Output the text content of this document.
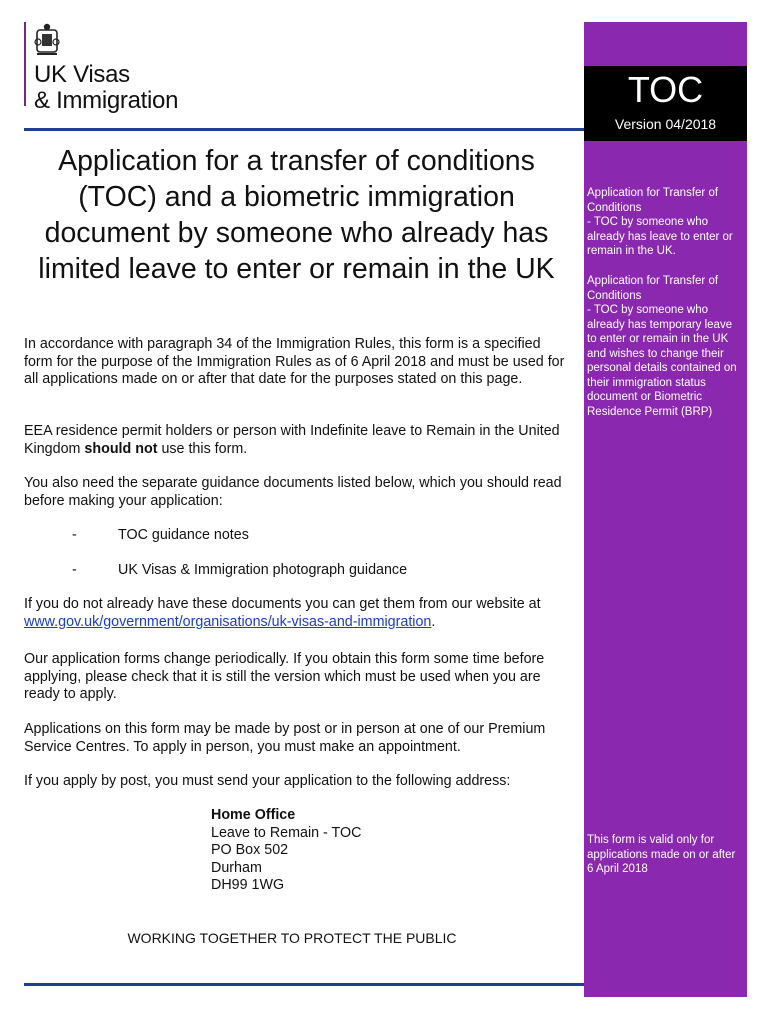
UK Visas
& Immigration	TOC
Version 04/2018

Application for Transfer of Conditions
- TOC by someone who already has leave to enter or remain in the UK.

Application for Transfer of Conditions
- TOC by someone who already has temporary leave to enter or remain in the UK and wishes to change their personal details contained on their immigration status document or Biometric Residence Permit (BRP)

This form is valid only for applications made on or after 6 April 2018

Application for a transfer of conditions (TOC) and a biometric immigration document by someone who already has limited leave to enter or remain in the UK

In accordance with paragraph 34 of the Immigration Rules, this form is a specified form for the purpose of the Immigration Rules as of 6 April 2018 and must be used for all applications made on or after that date for the purposes stated on this page.

EEA residence permit holders or person with Indefinite leave to Remain in the United Kingdom should not use this form.

You also need the separate guidance documents listed below, which you should read before making your application:

-	TOC guidance notes
-	UK Visas & Immigration photograph guidance

If you do not already have these documents you can get them from our website at www.gov.uk/government/organisations/uk-visas-and-immigration.

Our application forms change periodically. If you obtain this form some time before applying, please check that it is still the version which must be used when you are ready to apply.

Applications on this form may be made by post or in person at one of our Premium Service Centres. To apply in person, you must make an appointment.

If you apply by post, you must send your application to the following address:

Home Office
Leave to Remain - TOC
PO Box 502
Durham
DH99 1WG
WORKING TOGETHER TO PROTECT THE PUBLIC
